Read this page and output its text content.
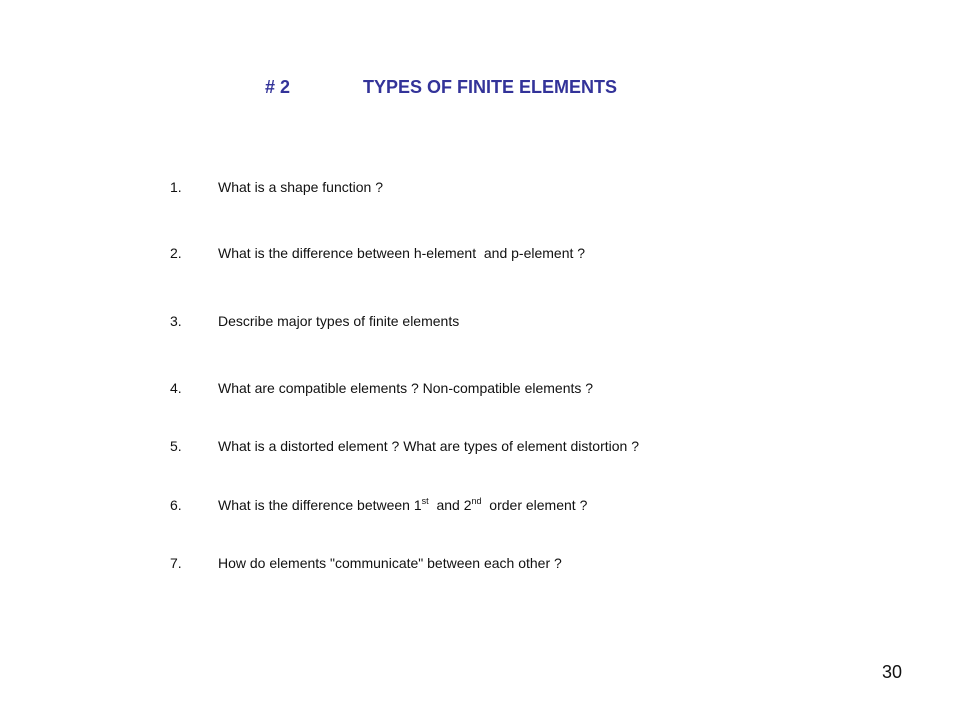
# 2	TYPES OF FINITE ELEMENTS
1.	What is a shape function ?
2.	What is the difference between h-element  and p-element ?
3.	Describe major types of finite elements
4.	What are compatible elements ? Non-compatible elements ?
5.	What is a distorted element ? What are types of element distortion ?
6.	What is the difference between 1st  and 2nd  order element ?
7.	How do elements "communicate" between each other ?
30
